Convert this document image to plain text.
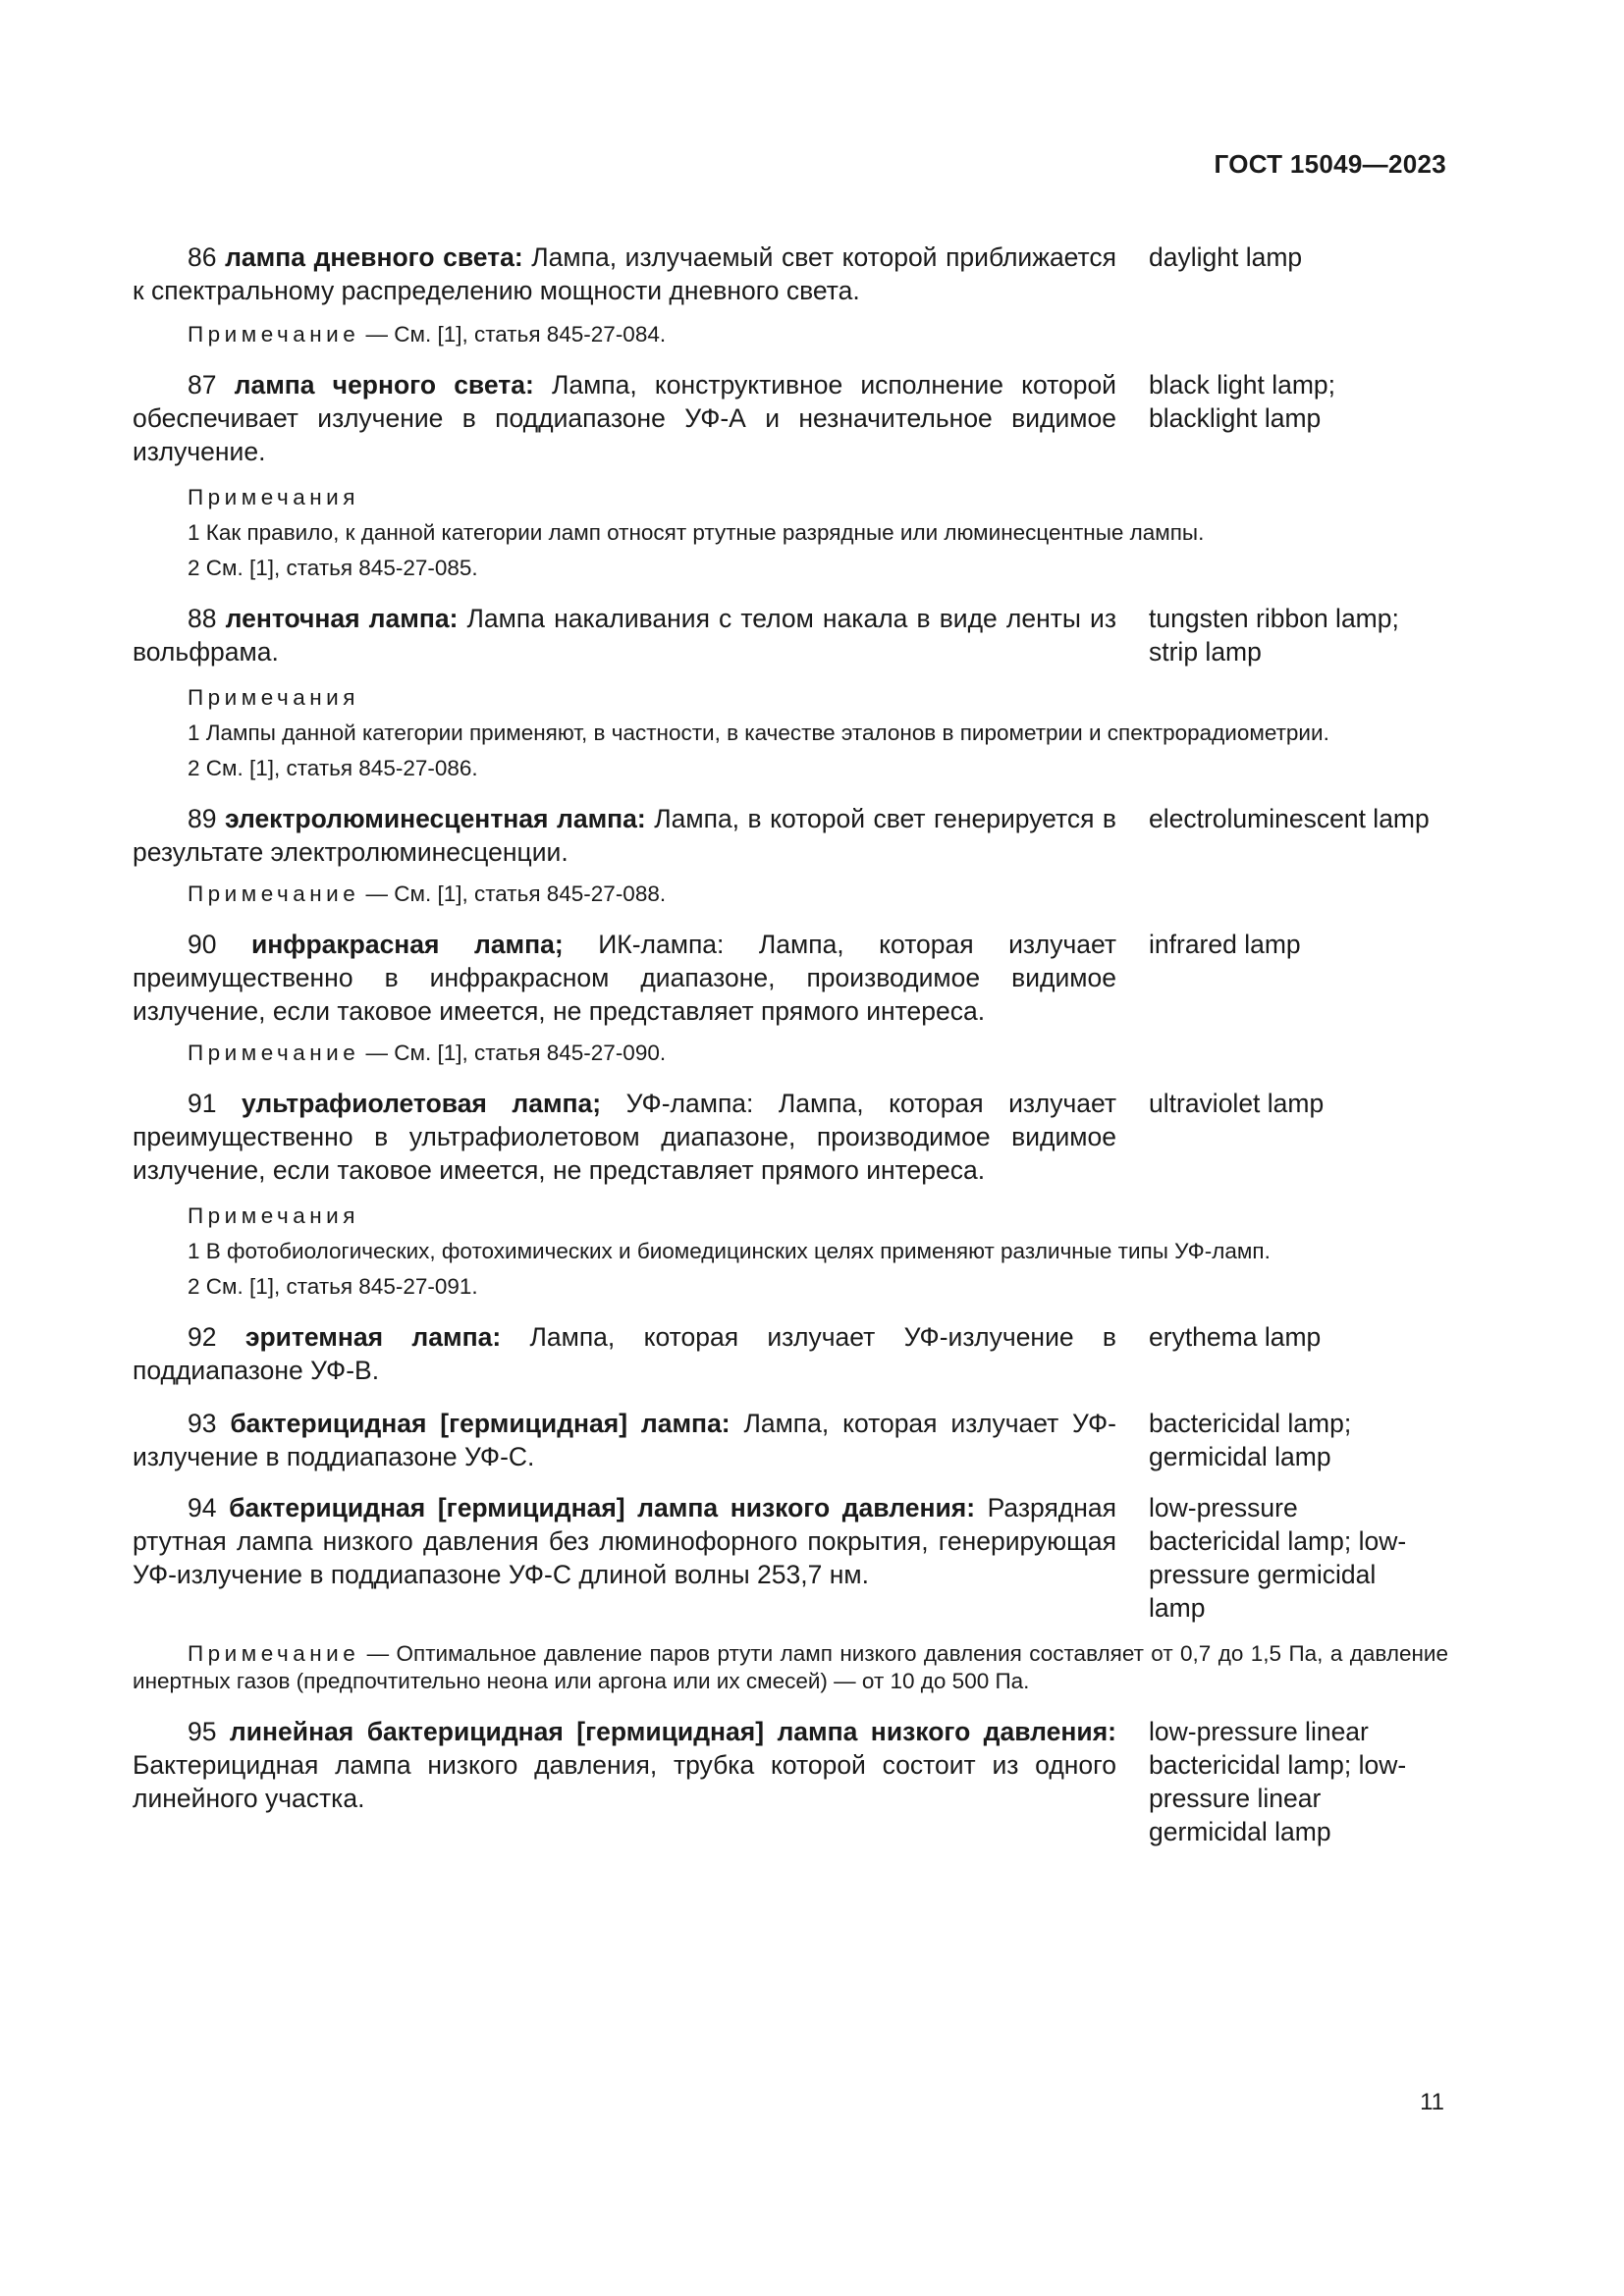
ГОСТ 15049—2023
86 лампа дневного света: Лампа, излучаемый свет которой приближается к спектральному распределению мощности дневного света.
daylight lamp
Примечание — См. [1], статья 845-27-084.
87 лампа черного света: Лампа, конструктивное исполнение которой обеспечивает излучение в поддиапазоне УФ-А и незначительное видимое излучение.
black light lamp; blacklight lamp
Примечания
1 Как правило, к данной категории ламп относят ртутные разрядные или люминесцентные лампы.
2 См. [1], статья 845-27-085.
88 ленточная лампа: Лампа накаливания с телом накала в виде ленты из вольфрама.
tungsten ribbon lamp; strip lamp
Примечания
1 Лампы данной категории применяют, в частности, в качестве эталонов в пирометрии и спектрорадиометрии.
2 См. [1], статья 845-27-086.
89 электролюминесцентная лампа: Лампа, в которой свет генерируется в результате электролюминесценции.
electroluminescent lamp
Примечание — См. [1], статья 845-27-088.
90 инфракрасная лампа; ИК-лампа: Лампа, которая излучает преимущественно в инфракрасном диапазоне, производимое видимое излучение, если таковое имеется, не представляет прямого интереса.
infrared lamp
Примечание — См. [1], статья 845-27-090.
91 ультрафиолетовая лампа; УФ-лампа: Лампа, которая излучает преимущественно в ультрафиолетовом диапазоне, производимое видимое излучение, если таковое имеется, не представляет прямого интереса.
ultraviolet lamp
Примечания
1 В фотобиологических, фотохимических и биомедицинских целях применяют различные типы УФ-ламп.
2 См. [1], статья 845-27-091.
92 эритемная лампа: Лампа, которая излучает УФ-излучение в поддиапазоне УФ-В.
erythema lamp
93 бактерицидная [гермицидная] лампа: Лампа, которая излучает УФ-излучение в поддиапазоне УФ-С.
bactericidal lamp; germicidal lamp
94 бактерицидная [гермицидная] лампа низкого давления: Разрядная ртутная лампа низкого давления без люминофорного покрытия, генерирующая УФ-излучение в поддиапазоне УФ-С длиной волны 253,7 нм.
low-pressure bactericidal lamp; low-pressure germicidal lamp
Примечание — Оптимальное давление паров ртути ламп низкого давления составляет от 0,7 до 1,5 Па, а давление инертных газов (предпочтительно неона или аргона или их смесей) — от 10 до 500 Па.
95 линейная бактерицидная [гермицидная] лампа низкого давления: Бактерицидная лампа низкого давления, трубка которой состоит из одного линейного участка.
low-pressure linear bactericidal lamp; low-pressure linear germicidal lamp
11
